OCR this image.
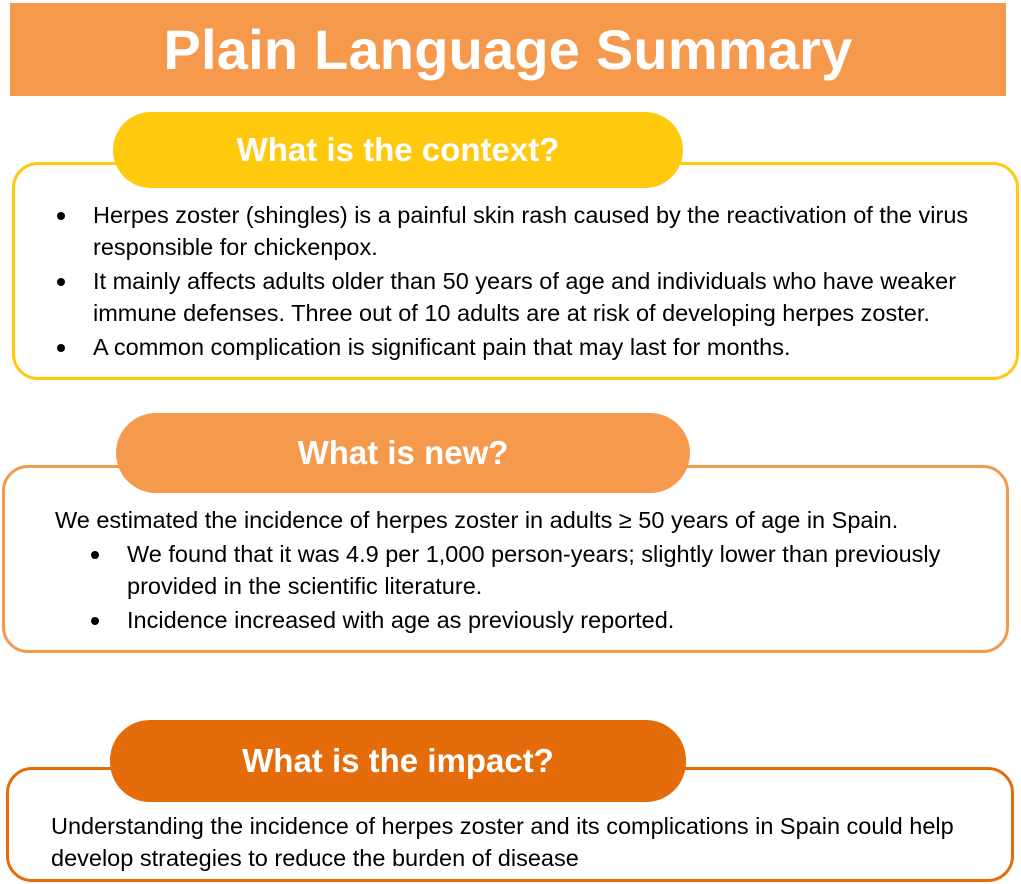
Plain Language Summary
Herpes zoster (shingles) is a painful skin rash caused by the reactivation of the virus responsible for chickenpox.
It mainly affects adults older than 50 years of age and individuals who have weaker immune defenses. Three out of 10 adults are at risk of developing herpes zoster.
A common complication is significant pain that may last for months.
What is the context?
We estimated the incidence of herpes zoster in adults ≥ 50 years of age in Spain.
We found that it was 4.9 per 1,000 person-years; slightly lower than previously provided in the scientific literature.
Incidence increased with age as previously reported.
What is new?
Understanding the incidence of herpes zoster and its complications in Spain could help develop strategies to reduce the burden of disease
What is the impact?
